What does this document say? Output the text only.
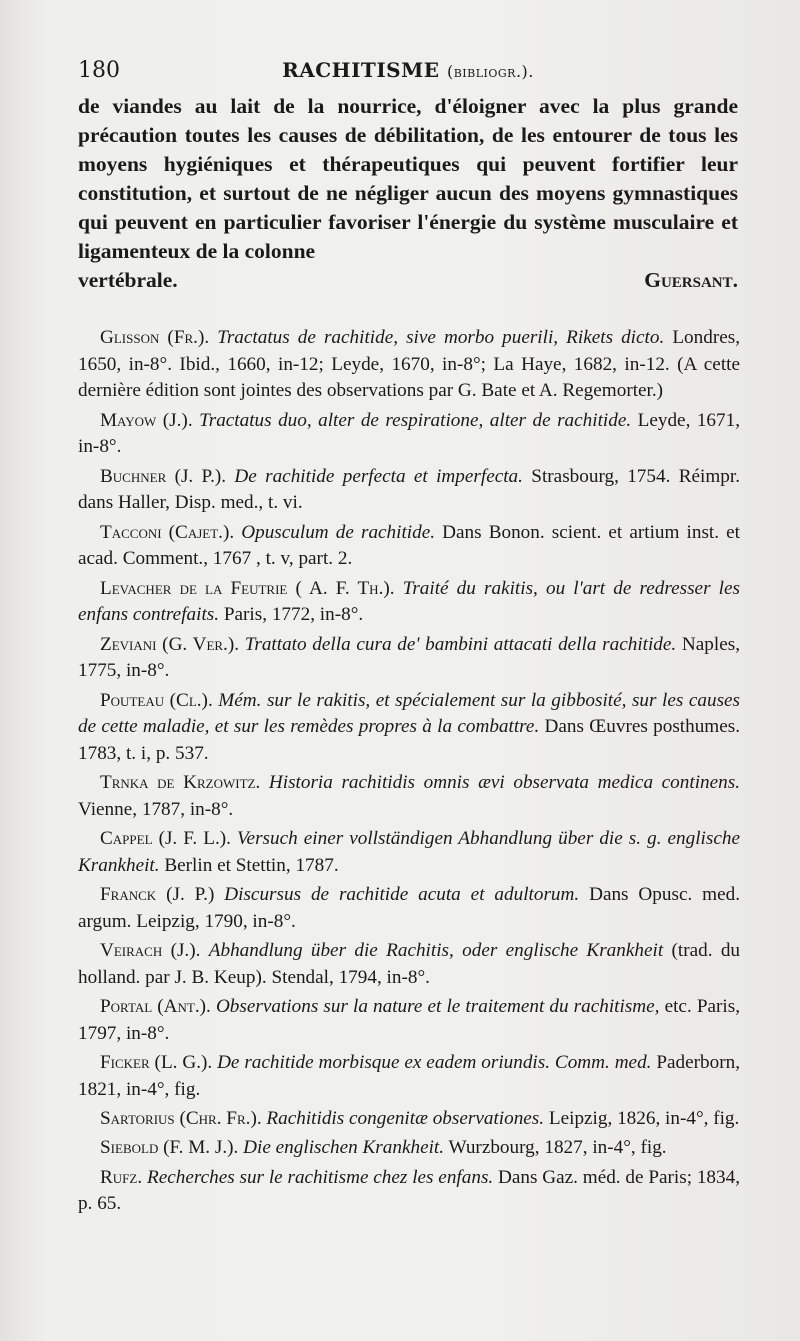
180	RACHITISME (bibliogr.).

de viandes au lait de la nourrice, d'éloigner avec la plus grande précaution toutes les causes de débilitation, de les entourer de tous les moyens hygiéniques et thérapeutiques qui peuvent fortifier leur constitution, et surtout de ne négliger aucun des moyens gymnastiques qui peuvent en particulier favoriser l'énergie du système musculaire et ligamenteux de la colonne

vertébrale.	Guersant.

Glisson (Fr.). Tractatus de rachitide, sive morbo puerili, Rikets dicto. Londres, 1650, in-8°. Ibid., 1660, in-12; Leyde, 1670, in-8°; La Haye, 1682, in-12. (A cette dernière édition sont jointes des observations par G. Bate et A. Regemorter.)

Mayow (J.). Tractatus duo, alter de respiratione, alter de rachitide. Leyde, 1671, in-8°.

Buchner (J. P.). De rachitide perfecta et imperfecta. Strasbourg, 1754. Réimpr. dans Haller, Disp. med., t. vi.

Tacconi (Cajet.). Opusculum de rachitide. Dans Bonon. scient. et artium inst. et acad. Comment., 1767 , t. v, part. 2.

Levacher de la Feutrie ( A. F. Th.). Traité du rakitis, ou l'art de redresser les enfans contrefaits. Paris, 1772, in-8°.

Zeviani (G. Ver.). Trattato della cura de' bambini attacati della rachitide. Naples, 1775, in-8°.

Pouteau (Cl.). Mém. sur le rakitis, et spécialement sur la gibbosité, sur les causes de cette maladie, et sur les remèdes propres à la combattre. Dans Œuvres posthumes. 1783, t. i, p. 537.

Trnka de Krzowitz. Historia rachitidis omnis ævi observata medica continens. Vienne, 1787, in-8°.

Cappel (J. F. L.). Versuch einer vollständigen Abhandlung über die s. g. englische Krankheit. Berlin et Stettin, 1787.

Franck (J. P.) Discursus de rachitide acuta et adultorum. Dans Opusc. med. argum. Leipzig, 1790, in-8°.

Veirach (J.). Abhandlung über die Rachitis, oder englische Krankheit (trad. du holland. par J. B. Keup). Stendal, 1794, in-8°.

Portal (Ant.). Observations sur la nature et le traitement du rachitisme, etc. Paris, 1797, in-8°.

Ficker (L. G.). De rachitide morbisque ex eadem oriundis. Comm. med. Paderborn, 1821, in-4°, fig.

Sartorius (Chr. Fr.). Rachitidis congenitæ observationes. Leipzig, 1826, in-4°, fig.

Siebold (F. M. J.). Die englischen Krankheit. Wurzbourg, 1827, in-4°, fig.

Rufz. Recherches sur le rachitisme chez les enfans. Dans Gaz. méd. de Paris; 1834, p. 65.
